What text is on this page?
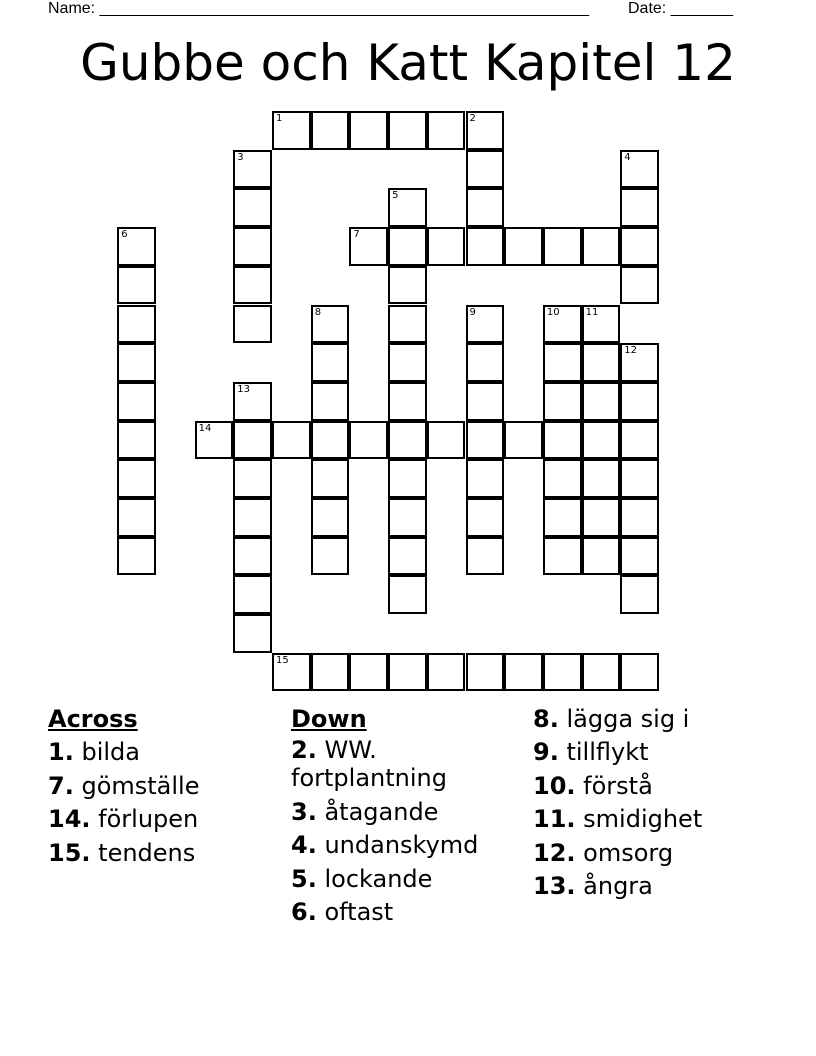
Name: _______________________________________________________ Date: _______
Gubbe och Katt Kapitel 12
1	2
3	4
5
6	7
8	9	10	11
12
13
14
15
Across
1. bilda
7. gömställe
14. förlupen
15. tendens
Down
2. WW. fortplantning
3. åtagande
4. undanskymd
5. lockande
6. oftast
8. lägga sig i
9. tillflykt
10. förstå
11. smidighet
12. omsorg
13. ångra
